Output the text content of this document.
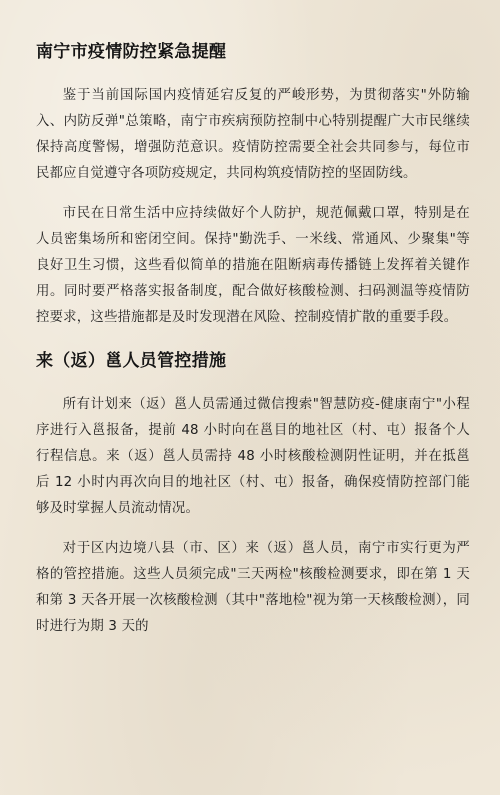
南宁市疫情防控紧急提醒

鉴于当前国际国内疫情延宕反复的严峻形势，为贯彻落实"外防输入、内防反弹"总策略，南宁市疾病预防控制中心特别提醒广大市民继续保持高度警惕，增强防范意识。疫情防控需要全社会共同参与，每位市民都应自觉遵守各项防疫规定，共同构筑疫情防控的坚固防线。

市民在日常生活中应持续做好个人防护，规范佩戴口罩，特别是在人员密集场所和密闭空间。保持"勤洗手、一米线、常通风、少聚集"等良好卫生习惯，这些看似简单的措施在阻断病毒传播链上发挥着关键作用。同时要严格落实报备制度，配合做好核酸检测、扫码测温等疫情防控要求，这些措施都是及时发现潜在风险、控制疫情扩散的重要手段。

来（返）邕人员管控措施

所有计划来（返）邕人员需通过微信搜索"智慧防疫-健康南宁"小程序进行入邕报备，提前 48 小时向在邕目的地社区（村、屯）报备个人行程信息。来（返）邕人员需持 48 小时核酸检测阴性证明，并在抵邕后 12 小时内再次向目的地社区（村、屯）报备，确保疫情防控部门能够及时掌握人员流动情况。

对于区内边境八县（市、区）来（返）邕人员，南宁市实行更为严格的管控措施。这些人员须完成"三天两检"核酸检测要求，即在第 1 天和第 3 天各开展一次核酸检测（其中"落地检"视为第一天核酸检测），同时进行为期 3 天的
